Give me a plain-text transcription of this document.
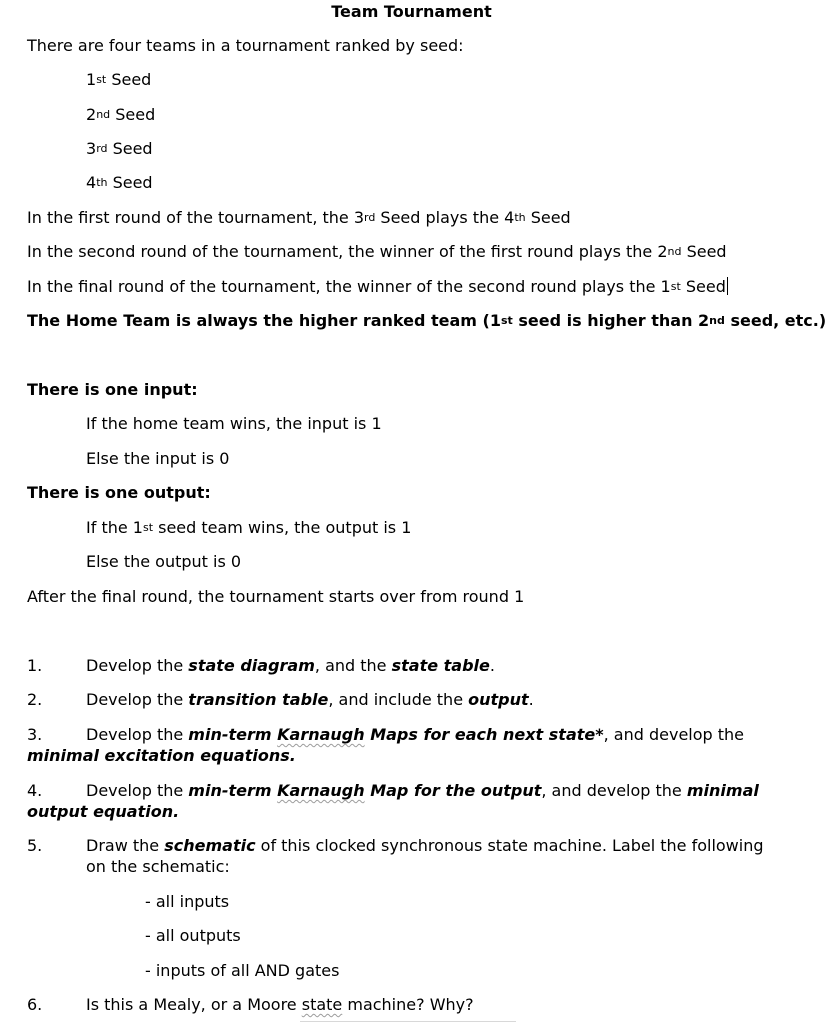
Team Tournament
There are four teams in a tournament ranked by seed:
1st Seed
2nd Seed
3rd Seed
4th Seed
In the first round of the tournament, the 3rd Seed plays the 4th Seed
In the second round of the tournament, the winner of the first round plays the 2nd Seed
In the final round of the tournament, the winner of the second round plays the 1st Seed
The Home Team is always the higher ranked team (1st seed is higher than 2nd seed, etc.)
There is one input:
If the home team wins, the input is 1
Else the input is 0
There is one output:
If the 1st seed team wins, the output is 1
Else the output is 0
After the final round, the tournament starts over from round 1
1.	Develop the state diagram, and the state table.
2.	Develop the transition table, and include the output.
3.	Develop the min-term Karnaugh Maps for each next state*, and develop the
minimal excitation equations.
4.	Develop the min-term Karnaugh Map for the output, and develop the minimal
output equation.
5.	Draw the schematic of this clocked synchronous state machine. Label the following
on the schematic:
- all inputs
- all outputs
- inputs of all AND gates
6.	Is this a Mealy, or a Moore state machine? Why?
